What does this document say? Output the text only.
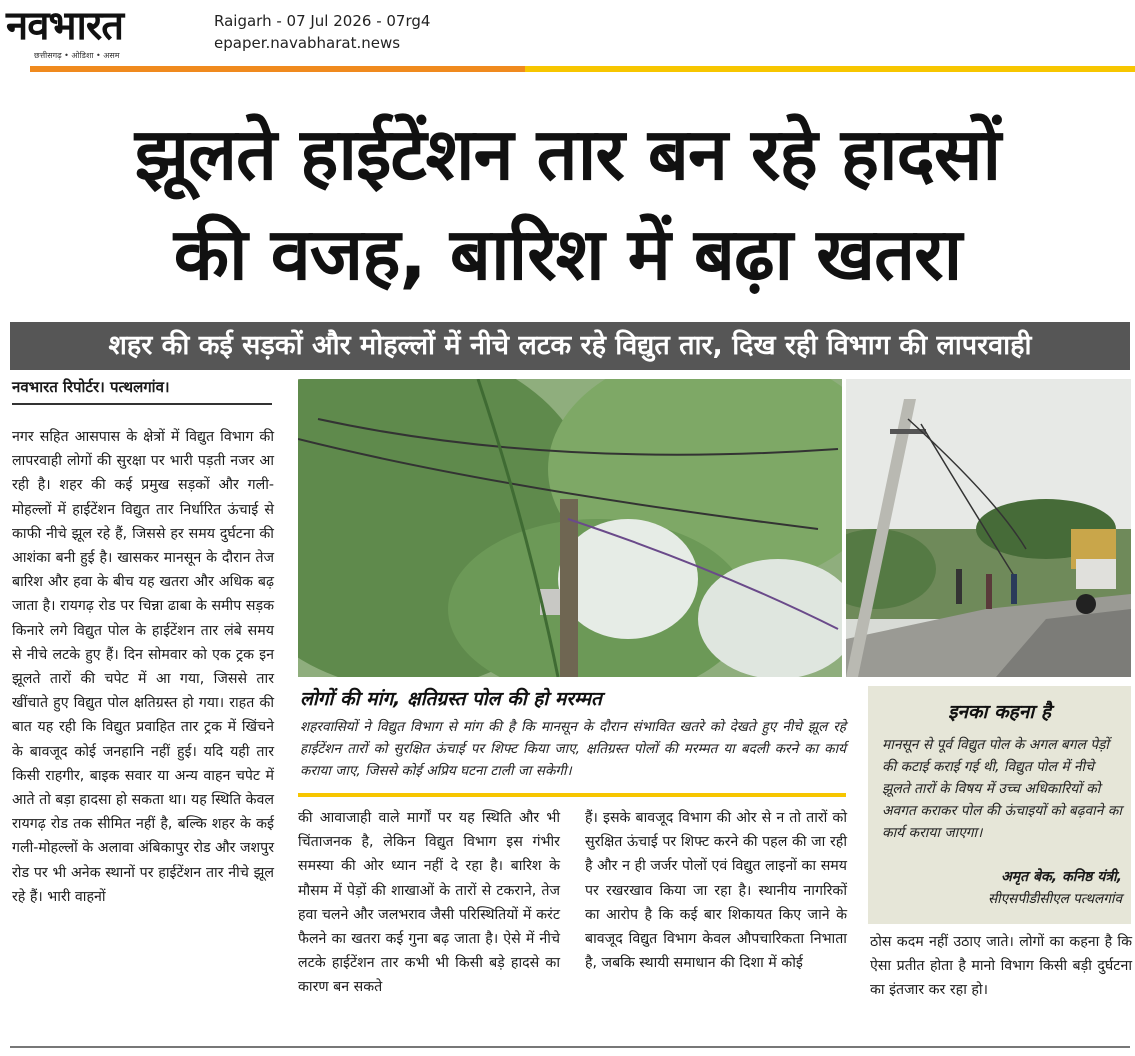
नवभारत
छत्तीसगढ़ • ओडिशा • असम
Raigarh - 07 Jul 2026 - 07rg4
epaper.navabharat.news
झूलते हाईटेंशन तार बन रहे हादसों
की वजह, बारिश में बढ़ा खतरा
शहर की कई सड़कों और मोहल्लों में नीचे लटक रहे विद्युत तार, दिख रही विभाग की लापरवाही
नवभारत रिपोर्टर। पत्थलगांव।
नगर सहित आसपास के क्षेत्रों में विद्युत विभाग की लापरवाही लोगों की सुरक्षा पर भारी पड़ती नजर आ रही है। शहर की कई प्रमुख सड़कों और गली-मोहल्लों में हाईटेंशन विद्युत तार निर्धारित ऊंचाई से काफी नीचे झूल रहे हैं, जिससे हर समय दुर्घटना की आशंका बनी हुई है। खासकर मानसून के दौरान तेज बारिश और हवा के बीच यह खतरा और अधिक बढ़ जाता है। रायगढ़ रोड पर चिन्ना ढाबा के समीप सड़क किनारे लगे विद्युत पोल के हाईटेंशन तार लंबे समय से नीचे लटके हुए हैं। दिन सोमवार को एक ट्रक इन झूलते तारों की चपेट में आ गया, जिससे तार खींचाते हुए विद्युत पोल क्षतिग्रस्त हो गया। राहत की बात यह रही कि विद्युत प्रवाहित तार ट्रक में खिंचने के बावजूद कोई जनहानि नहीं हुई। यदि यही तार किसी राहगीर, बाइक सवार या अन्य वाहन चपेट में आते तो बड़ा हादसा हो सकता था। यह स्थिति केवल रायगढ़ रोड तक सीमित नहीं है, बल्कि शहर के कई गली-मोहल्लों के अलावा अंबिकापुर रोड और जशपुर रोड पर भी अनेक स्थानों पर हाईटेंशन तार नीचे झूल रहे हैं। भारी वाहनों
लोगों की मांग, क्षतिग्रस्त पोल की हो मरम्मत
शहरवासियों ने विद्युत विभाग से मांग की है कि मानसून के दौरान संभावित खतरे को देखते हुए नीचे झूल रहे हाईटेंशन तारों को सुरक्षित ऊंचाई पर शिफ्ट किया जाए, क्षतिग्रस्त पोलों की मरम्मत या बदली करने का कार्य कराया जाए, जिससे कोई अप्रिय घटना टाली जा सकेगी।
की आवाजाही वाले मार्गों पर यह स्थिति और भी चिंताजनक है, लेकिन विद्युत विभाग इस गंभीर समस्या की ओर ध्यान नहीं दे रहा है। बारिश के मौसम में पेड़ों की शाखाओं के तारों से टकराने, तेज हवा चलने और जलभराव जैसी परिस्थितियों में करंट फैलने का खतरा कई गुना बढ़ जाता है। ऐसे में नीचे लटके हाईटेंशन तार कभी भी किसी बड़े हादसे का कारण बन सकते
हैं। इसके बावजूद विभाग की ओर से न तो तारों को सुरक्षित ऊंचाई पर शिफ्ट करने की पहल की जा रही है और न ही जर्जर पोलों एवं विद्युत लाइनों का समय पर रखरखाव किया जा रहा है। स्थानीय नागरिकों का आरोप है कि कई बार शिकायत किए जाने के बावजूद विद्युत विभाग केवल औपचारिकता निभाता है, जबकि स्थायी समाधान की दिशा में कोई
इनका कहना है
मानसून से पूर्व विद्युत पोल के अगल बगल पेड़ों की कटाई कराई गई थी, विद्युत पोल में नीचे झूलते तारों के विषय में उच्च अधिकारियों को अवगत कराकर पोल की ऊंचाइयों को बढ़वाने का कार्य कराया जाएगा।
अमृत बेक, कनिष्ठ यंत्री,
सीएसपीडीसीएल पत्थलगांव
ठोस कदम नहीं उठाए जाते। लोगों का कहना है कि ऐसा प्रतीत होता है मानो विभाग किसी बड़ी दुर्घटना का इंतजार कर रहा हो।
